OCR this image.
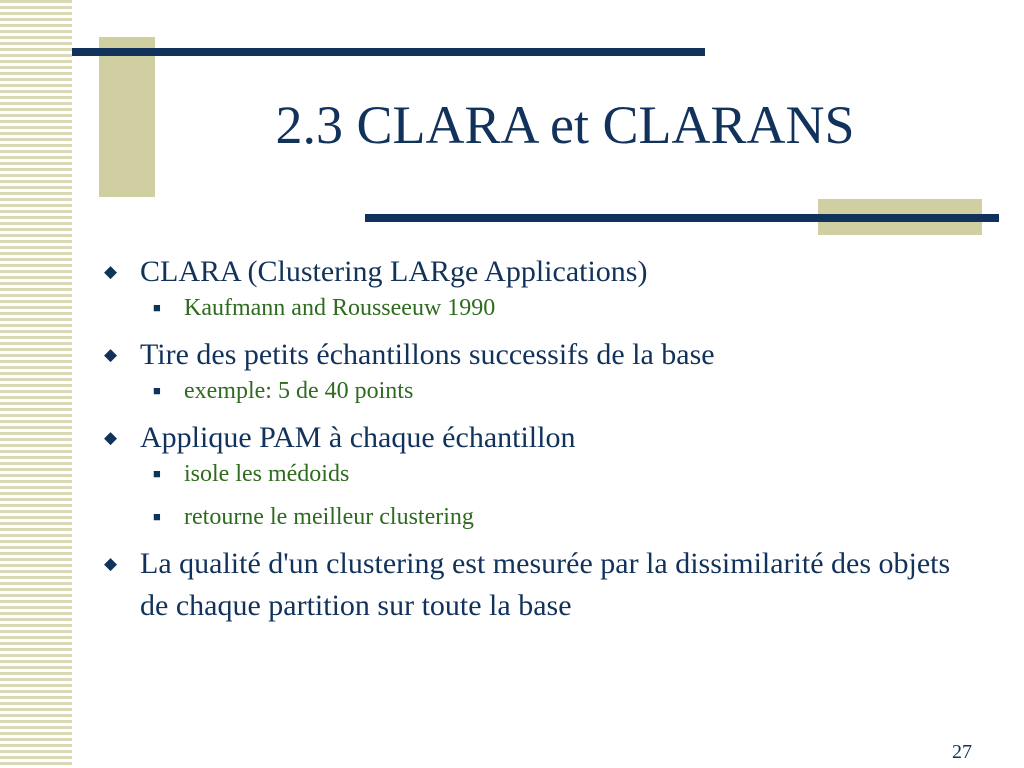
2.3 CLARA et CLARANS
◆ CLARA (Clustering LARge Applications)
■ Kaufmann and Rousseeuw 1990
◆ Tire des petits échantillons successifs de la base
■ exemple: 5 de 40 points
◆ Applique PAM à chaque échantillon
■ isole les médoids
■ retourne le meilleur clustering
◆ La qualité d'un clustering est mesurée par la dissimilarité des objets de chaque partition sur toute la base
27
